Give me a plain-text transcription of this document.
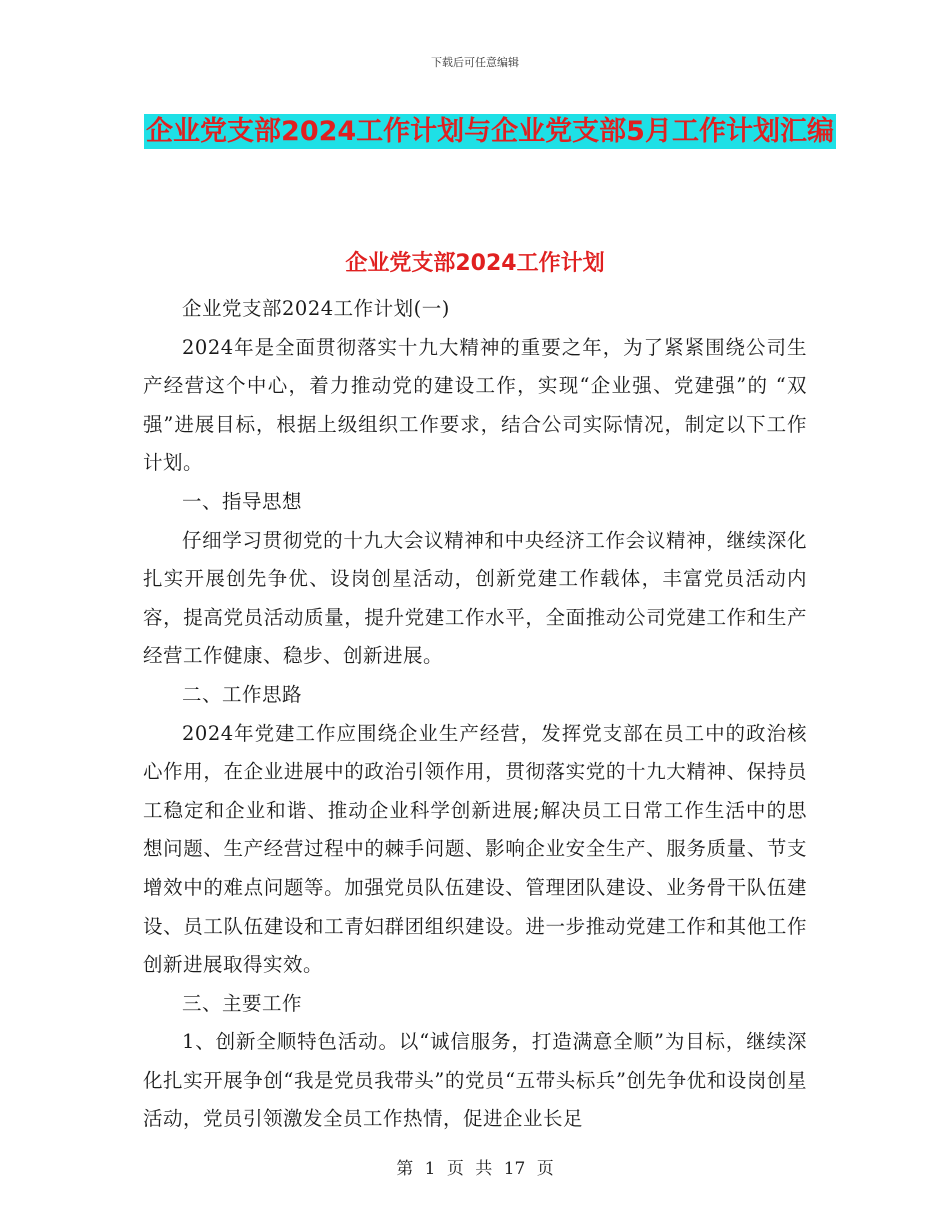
下载后可任意编辑
企业党支部2024工作计划与企业党支部5月工作计划汇编
企业党支部2024工作计划

企业党支部2024工作计划(一)

2024年是全面贯彻落实十九大精神的重要之年，为了紧紧围绕公司生产经营这个中心，着力推动党的建设工作，实现“企业强、党建强”的 “双强”进展目标，根据上级组织工作要求，结合公司实际情况，制定以下工作计划。

一、指导思想

仔细学习贯彻党的十九大会议精神和中央经济工作会议精神，继续深化扎实开展创先争优、设岗创星活动，创新党建工作载体，丰富党员活动内容，提高党员活动质量，提升党建工作水平，全面推动公司党建工作和生产经营工作健康、稳步、创新进展。

二、工作思路

2024年党建工作应围绕企业生产经营，发挥党支部在员工中的政治核心作用，在企业进展中的政治引领作用，贯彻落实党的十九大精神、保持员工稳定和企业和谐、推动企业科学创新进展;解决员工日常工作生活中的思想问题、生产经营过程中的棘手问题、影响企业安全生产、服务质量、节支增效中的难点问题等。加强党员队伍建设、管理团队建设、业务骨干队伍建设、员工队伍建设和工青妇群团组织建设。进一步推动党建工作和其他工作创新进展取得实效。

三、主要工作

1、创新全顺特色活动。以“诚信服务，打造满意全顺”为目标，继续深化扎实开展争创“我是党员我带头”的党员“五带头标兵”创先争优和设岗创星活动，党员引领激发全员工作热情，促进企业长足

第 1 页 共 17 页
